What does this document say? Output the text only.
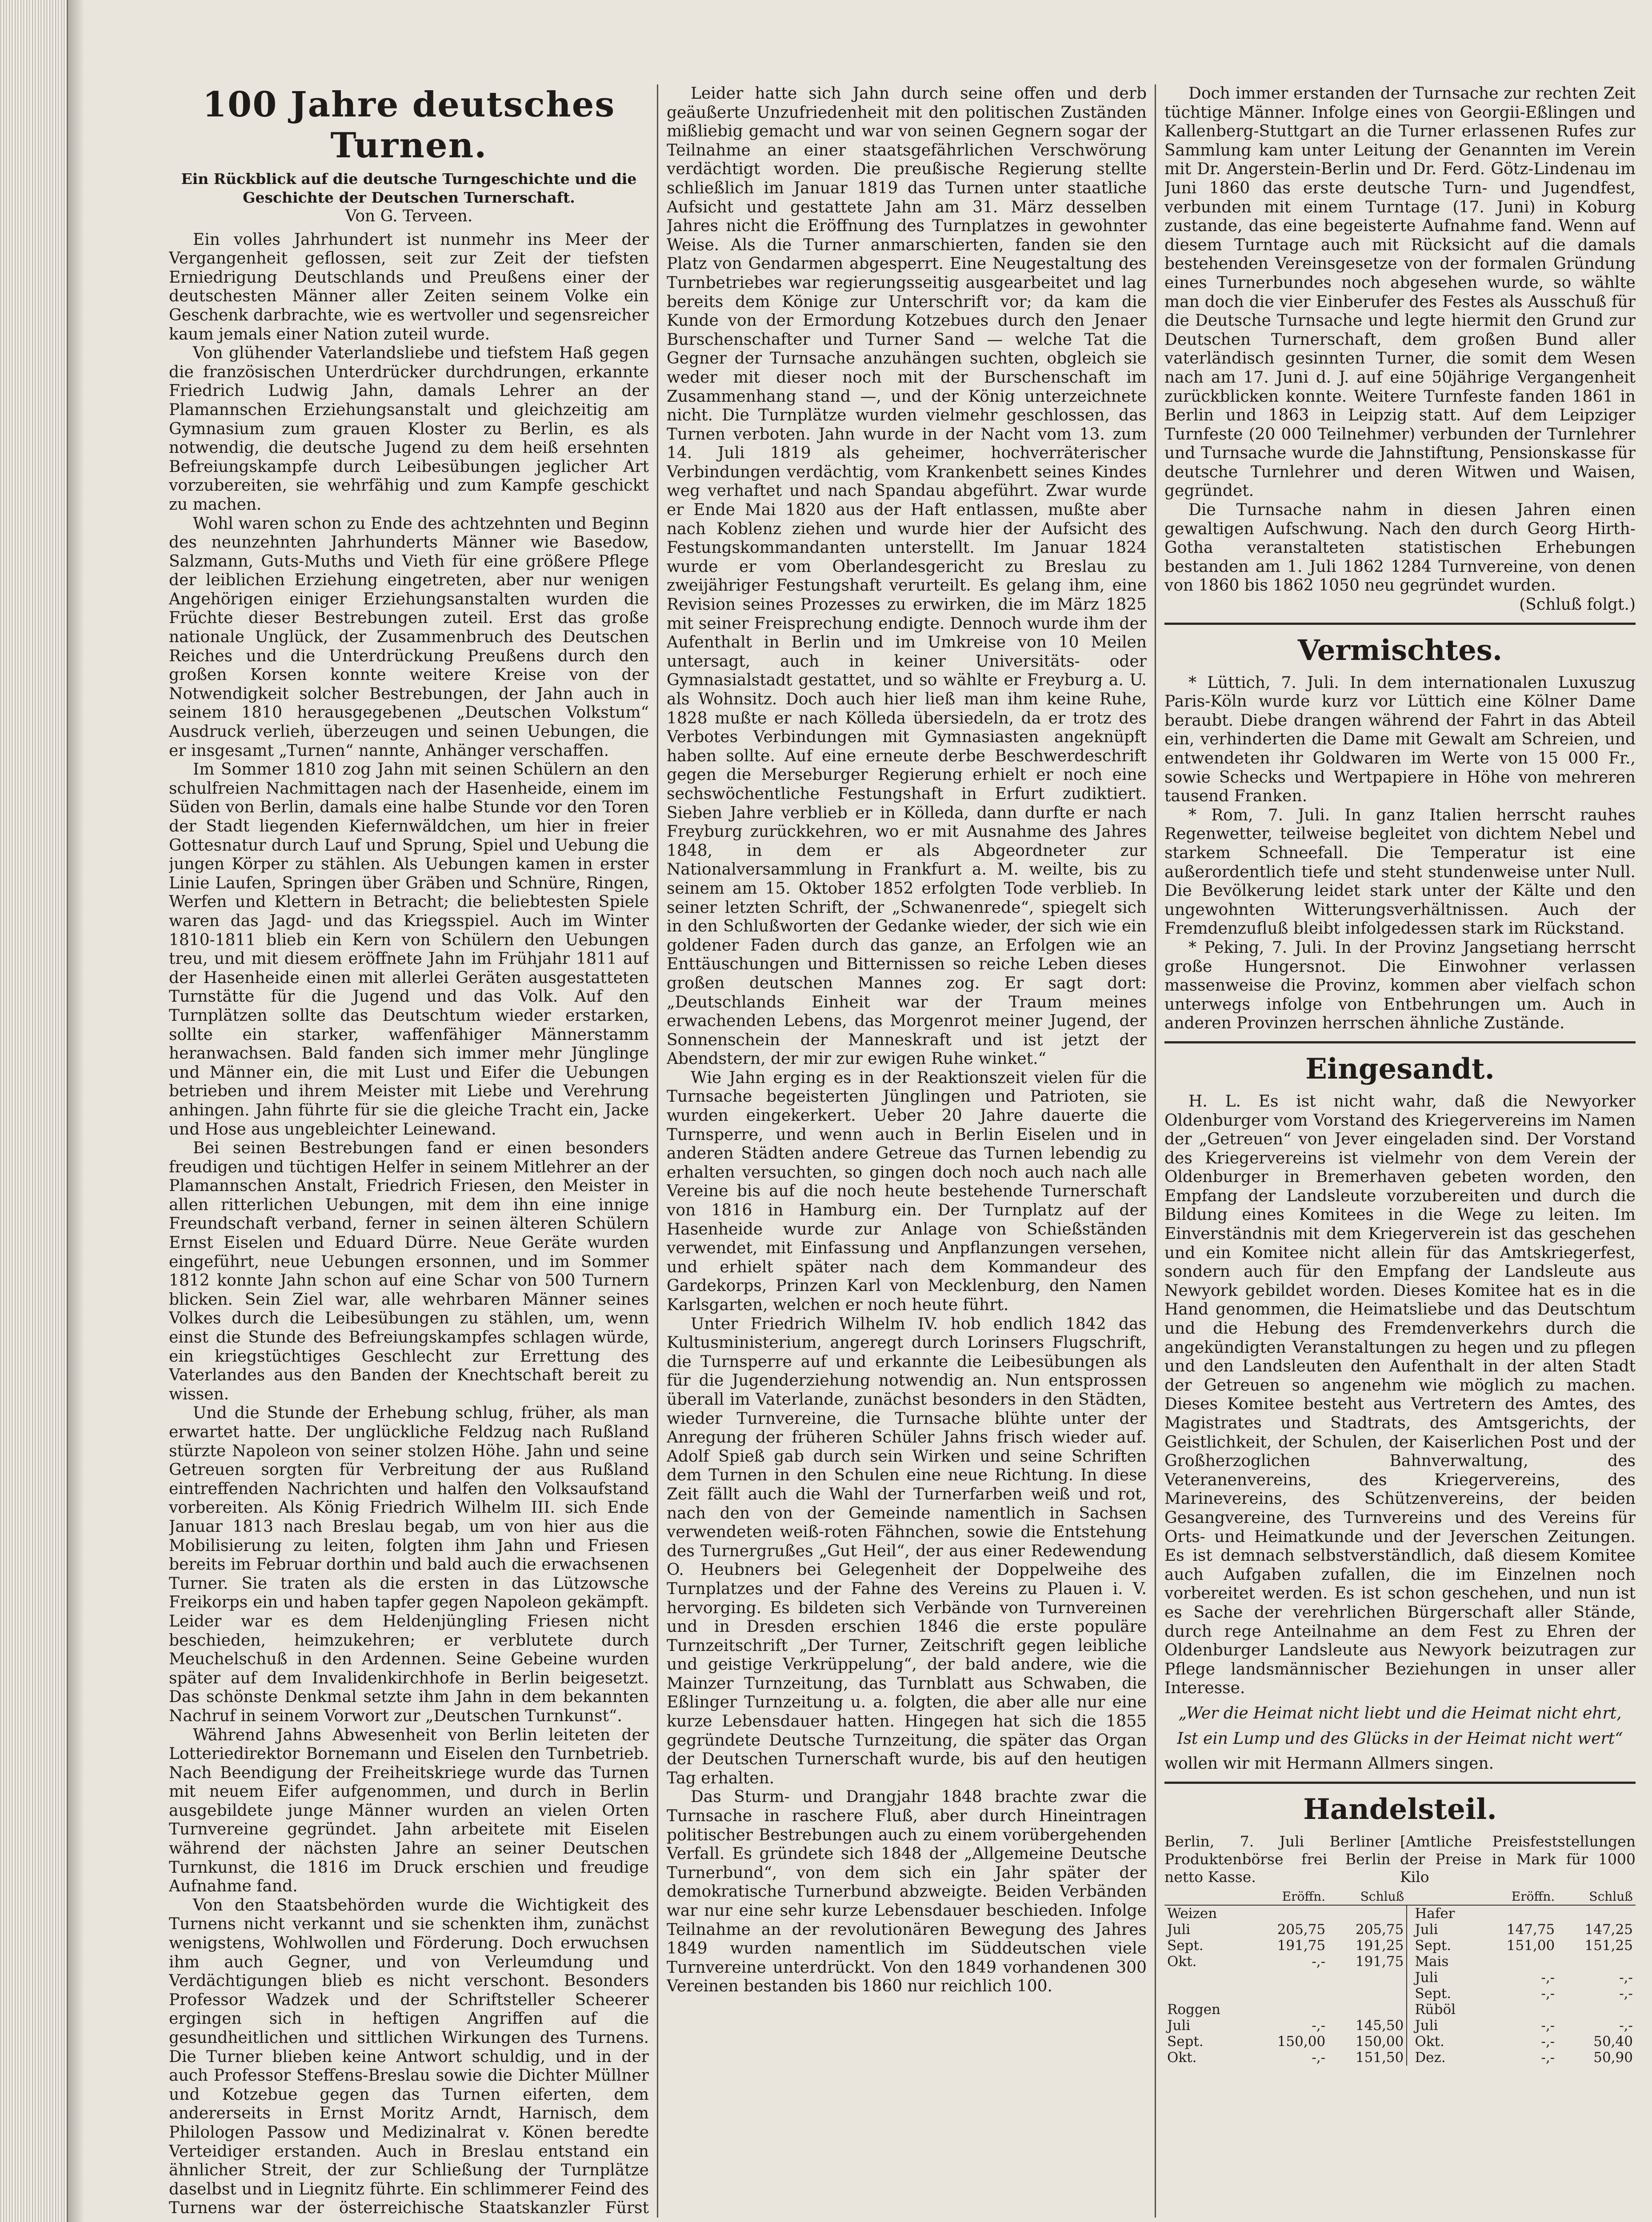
100 Jahre deutsches Turnen.

Ein Rückblick auf die deutsche Turngeschichte und die Geschichte der Deutschen Turnerschaft.

Von G. Terveen.

Ein volles Jahrhundert ist nunmehr ins Meer der Vergangenheit geflossen, seit zur Zeit der tiefsten Erniedrigung Deutschlands und Preußens einer der deutschesten Männer aller Zeiten seinem Volke ein Geschenk darbrachte, wie es wertvoller und segensreicher kaum jemals einer Nation zuteil wurde.

Von glühender Vaterlandsliebe und tiefstem Haß gegen die französischen Unterdrücker durchdrungen, erkannte Friedrich Ludwig Jahn, damals Lehrer an der Plamannschen Erziehungsanstalt und gleichzeitig am Gymnasium zum grauen Kloster zu Berlin, es als notwendig, die deutsche Jugend zu dem heiß ersehnten Befreiungskampfe durch Leibesübungen jeglicher Art vorzubereiten, sie wehrfähig und zum Kampfe geschickt zu machen.

Wohl waren schon zu Ende des achtzehnten und Beginn des neunzehnten Jahrhunderts Männer wie Basedow, Salzmann, Guts-Muths und Vieth für eine größere Pflege der leiblichen Erziehung eingetreten, aber nur wenigen Angehörigen einiger Erziehungsanstalten wurden die Früchte dieser Bestrebungen zuteil. Erst das große nationale Unglück, der Zusammenbruch des Deutschen Reiches und die Unterdrückung Preußens durch den großen Korsen konnte weitere Kreise von der Notwendigkeit solcher Bestrebungen, der Jahn auch in seinem 1810 herausgegebenen „Deutschen Volkstum“ Ausdruck verlieh, überzeugen und seinen Uebungen, die er insgesamt „Turnen“ nannte, Anhänger verschaffen.

Im Sommer 1810 zog Jahn mit seinen Schülern an den schulfreien Nachmittagen nach der Hasenheide, einem im Süden von Berlin, damals eine halbe Stunde vor den Toren der Stadt liegenden Kiefernwäldchen, um hier in freier Gottesnatur durch Lauf und Sprung, Spiel und Uebung die jungen Körper zu stählen. Als Uebungen kamen in erster Linie Laufen, Springen über Gräben und Schnüre, Ringen, Werfen und Klettern in Betracht; die beliebtesten Spiele waren das Jagd- und das Kriegsspiel. Auch im Winter 1810-1811 blieb ein Kern von Schülern den Uebungen treu, und mit diesem eröffnete Jahn im Frühjahr 1811 auf der Hasenheide einen mit allerlei Geräten ausgestatteten Turnstätte für die Jugend und das Volk. Auf den Turnplätzen sollte das Deutschtum wieder erstarken, sollte ein starker, waffenfähiger Männerstamm heranwachsen. Bald fanden sich immer mehr Jünglinge und Männer ein, die mit Lust und Eifer die Uebungen betrieben und ihrem Meister mit Liebe und Verehrung anhingen. Jahn führte für sie die gleiche Tracht ein, Jacke und Hose aus ungebleichter Leinewand.

Bei seinen Bestrebungen fand er einen besonders freudigen und tüchtigen Helfer in seinem Mitlehrer an der Plamannschen Anstalt, Friedrich Friesen, den Meister in allen ritterlichen Uebungen, mit dem ihn eine innige Freundschaft verband, ferner in seinen älteren Schülern Ernst Eiselen und Eduard Dürre. Neue Geräte wurden eingeführt, neue Uebungen ersonnen, und im Sommer 1812 konnte Jahn schon auf eine Schar von 500 Turnern blicken. Sein Ziel war, alle wehrbaren Männer seines Volkes durch die Leibesübungen zu stählen, um, wenn einst die Stunde des Befreiungskampfes schlagen würde, ein kriegstüchtiges Geschlecht zur Errettung des Vaterlandes aus den Banden der Knechtschaft bereit zu wissen.

Und die Stunde der Erhebung schlug, früher, als man erwartet hatte. Der unglückliche Feldzug nach Rußland stürzte Napoleon von seiner stolzen Höhe. Jahn und seine Getreuen sorgten für Verbreitung der aus Rußland eintreffenden Nachrichten und halfen den Volksaufstand vorbereiten. Als König Friedrich Wilhelm III. sich Ende Januar 1813 nach Breslau begab, um von hier aus die Mobilisierung zu leiten, folgten ihm Jahn und Friesen bereits im Februar dorthin und bald auch die erwachsenen Turner. Sie traten als die ersten in das Lützowsche Freikorps ein und haben tapfer gegen Napoleon gekämpft. Leider war es dem Heldenjüngling Friesen nicht beschieden, heimzukehren; er verblutete durch Meuchelschuß in den Ardennen. Seine Gebeine wurden später auf dem Invalidenkirchhofe in Berlin beigesetzt. Das schönste Denkmal setzte ihm Jahn in dem bekannten Nachruf in seinem Vorwort zur „Deutschen Turnkunst“.

Während Jahns Abwesenheit von Berlin leiteten der Lotteriedirektor Bornemann und Eiselen den Turnbetrieb. Nach Beendigung der Freiheitskriege wurde das Turnen mit neuem Eifer aufgenommen, und durch in Berlin ausgebildete junge Männer wurden an vielen Orten Turnvereine gegründet. Jahn arbeitete mit Eiselen während der nächsten Jahre an seiner Deutschen Turnkunst, die 1816 im Druck erschien und freudige Aufnahme fand.

Von den Staatsbehörden wurde die Wichtigkeit des Turnens nicht verkannt und sie schenkten ihm, zunächst wenigstens, Wohlwollen und Förderung. Doch erwuchsen ihm auch Gegner, und von Verleumdung und Verdächtigungen blieb es nicht verschont. Besonders Professor Wadzek und der Schriftsteller Scheerer ergingen sich in heftigen Angriffen auf die gesundheitlichen und sittlichen Wirkungen des Turnens. Die Turner blieben keine Antwort schuldig, und in der auch Professor Steffens-Breslau sowie die Dichter Müllner und Kotzebue gegen das Turnen eiferten, dem andererseits in Ernst Moritz Arndt, Harnisch, dem Philologen Passow und Medizinalrat v. Könen beredte Verteidiger erstanden. Auch in Breslau entstand ein ähnlicher Streit, der zur Schließung der Turnplätze daselbst und in Liegnitz führte. Ein schlimmerer Feind des Turnens war der österreichische Staatskanzler Fürst

Leider hatte sich Jahn durch seine offen und derb geäußerte Unzufriedenheit mit den politischen Zuständen mißliebig gemacht und war von seinen Gegnern sogar der Teilnahme an einer staatsgefährlichen Verschwörung verdächtigt worden. Die preußische Regierung stellte schließlich im Januar 1819 das Turnen unter staatliche Aufsicht und gestattete Jahn am 31. März desselben Jahres nicht die Eröffnung des Turnplatzes in gewohnter Weise. Als die Turner anmarschierten, fanden sie den Platz von Gendarmen abgesperrt. Eine Neugestaltung des Turnbetriebes war regierungsseitig ausgearbeitet und lag bereits dem Könige zur Unterschrift vor; da kam die Kunde von der Ermordung Kotzebues durch den Jenaer Burschenschafter und Turner Sand — welche Tat die Gegner der Turnsache anzuhängen suchten, obgleich sie weder mit dieser noch mit der Burschenschaft im Zusammenhang stand —, und der König unterzeichnete nicht. Die Turnplätze wurden vielmehr geschlossen, das Turnen verboten. Jahn wurde in der Nacht vom 13. zum 14. Juli 1819 als geheimer, hochverräterischer Verbindungen verdächtig, vom Krankenbett seines Kindes weg verhaftet und nach Spandau abgeführt. Zwar wurde er Ende Mai 1820 aus der Haft entlassen, mußte aber nach Koblenz ziehen und wurde hier der Aufsicht des Festungskommandanten unterstellt. Im Januar 1824 wurde er vom Oberlandesgericht zu Breslau zu zweijähriger Festungshaft verurteilt. Es gelang ihm, eine Revision seines Prozesses zu erwirken, die im März 1825 mit seiner Freisprechung endigte. Dennoch wurde ihm der Aufenthalt in Berlin und im Umkreise von 10 Meilen untersagt, auch in keiner Universitäts- oder Gymnasialstadt gestattet, und so wählte er Freyburg a. U. als Wohnsitz. Doch auch hier ließ man ihm keine Ruhe, 1828 mußte er nach Kölleda übersiedeln, da er trotz des Verbotes Verbindungen mit Gymnasiasten angeknüpft haben sollte. Auf eine erneute derbe Beschwerdeschrift gegen die Merseburger Regierung erhielt er noch eine sechswöchentliche Festungshaft in Erfurt zudiktiert. Sieben Jahre verblieb er in Kölleda, dann durfte er nach Freyburg zurückkehren, wo er mit Ausnahme des Jahres 1848, in dem er als Abgeordneter zur Nationalversammlung in Frankfurt a. M. weilte, bis zu seinem am 15. Oktober 1852 erfolgten Tode verblieb. In seiner letzten Schrift, der „Schwanenrede“, spiegelt sich in den Schlußworten der Gedanke wieder, der sich wie ein goldener Faden durch das ganze, an Erfolgen wie an Enttäuschungen und Bitternissen so reiche Leben dieses großen deutschen Mannes zog. Er sagt dort: „Deutschlands Einheit war der Traum meines erwachenden Lebens, das Morgenrot meiner Jugend, der Sonnenschein der Manneskraft und ist jetzt der Abendstern, der mir zur ewigen Ruhe winket.“

Wie Jahn erging es in der Reaktionszeit vielen für die Turnsache begeisterten Jünglingen und Patrioten, sie wurden eingekerkert. Ueber 20 Jahre dauerte die Turnsperre, und wenn auch in Berlin Eiselen und in anderen Städten andere Getreue das Turnen lebendig zu erhalten versuchten, so gingen doch noch auch nach alle Vereine bis auf die noch heute bestehende Turnerschaft von 1816 in Hamburg ein. Der Turnplatz auf der Hasenheide wurde zur Anlage von Schießständen verwendet, mit Einfassung und Anpflanzungen versehen, und erhielt später nach dem Kommandeur des Gardekorps, Prinzen Karl von Mecklenburg, den Namen Karlsgarten, welchen er noch heute führt.

Unter Friedrich Wilhelm IV. hob endlich 1842 das Kultusministerium, angeregt durch Lorinsers Flugschrift, die Turnsperre auf und erkannte die Leibesübungen als für die Jugenderziehung notwendig an. Nun entsprossen überall im Vaterlande, zunächst besonders in den Städten, wieder Turnvereine, die Turnsache blühte unter der Anregung der früheren Schüler Jahns frisch wieder auf. Adolf Spieß gab durch sein Wirken und seine Schriften dem Turnen in den Schulen eine neue Richtung. In diese Zeit fällt auch die Wahl der Turnerfarben weiß und rot, nach den von der Gemeinde namentlich in Sachsen verwendeten weiß-roten Fähnchen, sowie die Entstehung des Turnergrußes „Gut Heil“, der aus einer Redewendung O. Heubners bei Gelegenheit der Doppelweihe des Turnplatzes und der Fahne des Vereins zu Plauen i. V. hervorging. Es bildeten sich Verbände von Turnvereinen und in Dresden erschien 1846 die erste populäre Turnzeitschrift „Der Turner, Zeitschrift gegen leibliche und geistige Verkrüppelung“, der bald andere, wie die Mainzer Turnzeitung, das Turnblatt aus Schwaben, die Eßlinger Turnzeitung u. a. folgten, die aber alle nur eine kurze Lebensdauer hatten. Hingegen hat sich die 1855 gegründete Deutsche Turnzeitung, die später das Organ der Deutschen Turnerschaft wurde, bis auf den heutigen Tag erhalten.

Das Sturm- und Drangjahr 1848 brachte zwar die Turnsache in raschere Fluß, aber durch Hineintragen politischer Bestrebungen auch zu einem vorübergehenden Verfall. Es gründete sich 1848 der „Allgemeine Deutsche Turnerbund“, von dem sich ein Jahr später der demokratische Turnerbund abzweigte. Beiden Verbänden war nur eine sehr kurze Lebensdauer beschieden. Infolge Teilnahme an der revolutionären Bewegung des Jahres 1849 wurden namentlich im Süddeutschen viele Turnvereine unterdrückt. Von den 1849 vorhandenen 300 Vereinen bestanden bis 1860 nur reichlich 100.

Doch immer erstanden der Turnsache zur rechten Zeit tüchtige Männer. Infolge eines von Georgii-Eßlingen und Kallenberg-Stuttgart an die Turner erlassenen Rufes zur Sammlung kam unter Leitung der Genannten im Verein mit Dr. Angerstein-Berlin und Dr. Ferd. Götz-Lindenau im Juni 1860 das erste deutsche Turn- und Jugendfest, verbunden mit einem Turntage (17. Juni) in Koburg zustande, das eine begeisterte Aufnahme fand. Wenn auf diesem Turntage auch mit Rücksicht auf die damals bestehenden Vereinsgesetze von der formalen Gründung eines Turnerbundes noch abgesehen wurde, so wählte man doch die vier Einberufer des Festes als Ausschuß für die Deutsche Turnsache und legte hiermit den Grund zur Deutschen Turnerschaft, dem großen Bund aller vaterländisch gesinnten Turner, die somit dem Wesen nach am 17. Juni d. J. auf eine 50jährige Vergangenheit zurückblicken konnte. Weitere Turnfeste fanden 1861 in Berlin und 1863 in Leipzig statt. Auf dem Leipziger Turnfeste (20 000 Teilnehmer) verbunden der Turnlehrer und Turnsache wurde die Jahnstiftung, Pensionskasse für deutsche Turnlehrer und deren Witwen und Waisen, gegründet.

Die Turnsache nahm in diesen Jahren einen gewaltigen Aufschwung. Nach den durch Georg Hirth-Gotha veranstalteten statistischen Erhebungen bestanden am 1. Juli 1862 1284 Turnvereine, von denen von 1860 bis 1862 1050 neu gegründet wurden.

(Schluß folgt.)

Vermischtes.

* Lüttich, 7. Juli. In dem internationalen Luxuszug Paris-Köln wurde kurz vor Lüttich eine Kölner Dame beraubt. Diebe drangen während der Fahrt in das Abteil ein, verhinderten die Dame mit Gewalt am Schreien, und entwendeten ihr Goldwaren im Werte von 15 000 Fr., sowie Schecks und Wertpapiere in Höhe von mehreren tausend Franken.

* Rom, 7. Juli. In ganz Italien herrscht rauhes Regenwetter, teilweise begleitet von dichtem Nebel und starkem Schneefall. Die Temperatur ist eine außerordentlich tiefe und steht stundenweise unter Null. Die Bevölkerung leidet stark unter der Kälte und den ungewohnten Witterungsverhältnissen. Auch der Fremdenzufluß bleibt infolgedessen stark im Rückstand.

* Peking, 7. Juli. In der Provinz Jangsetiang herrscht große Hungersnot. Die Einwohner verlassen massenweise die Provinz, kommen aber vielfach schon unterwegs infolge von Entbehrungen um. Auch in anderen Provinzen herrschen ähnliche Zustände.

Eingesandt.

H. L. Es ist nicht wahr, daß die Newyorker Oldenburger vom Vorstand des Kriegervereins im Namen der „Getreuen“ von Jever eingeladen sind. Der Vorstand des Kriegervereins ist vielmehr von dem Verein der Oldenburger in Bremerhaven gebeten worden, den Empfang der Landsleute vorzubereiten und durch die Bildung eines Komitees in die Wege zu leiten. Im Einverständnis mit dem Kriegerverein ist das geschehen und ein Komitee nicht allein für das Amtskriegerfest, sondern auch für den Empfang der Landsleute aus Newyork gebildet worden. Dieses Komitee hat es in die Hand genommen, die Heimatsliebe und das Deutschtum und die Hebung des Fremdenverkehrs durch die angekündigten Veranstaltungen zu hegen und zu pflegen und den Landsleuten den Aufenthalt in der alten Stadt der Getreuen so angenehm wie möglich zu machen. Dieses Komitee besteht aus Vertretern des Amtes, des Magistrates und Stadtrats, des Amtsgerichts, der Geistlichkeit, der Schulen, der Kaiserlichen Post und der Großherzoglichen Bahnverwaltung, des Veteranenvereins, des Kriegervereins, des Marinevereins, des Schützenvereins, der beiden Gesangvereine, des Turnvereins und des Vereins für Orts- und Heimatkunde und der Jeverschen Zeitungen. Es ist demnach selbstverständlich, daß diesem Komitee auch Aufgaben zufallen, die im Einzelnen noch vorbereitet werden. Es ist schon geschehen, und nun ist es Sache der verehrlichen Bürgerschaft aller Stände, durch rege Anteilnahme an dem Fest zu Ehren der Oldenburger Landsleute aus Newyork beizutragen zur Pflege landsmännischer Beziehungen in unser aller Interesse.

„Wer die Heimat nicht liebt und die Heimat nicht ehrt,

Ist ein Lump und des Glücks in der Heimat nicht wert“

wollen wir mit Hermann Allmers singen.

Handelsteil.
Berlin, 7. Juli Berliner Produktenbörse frei Berlin netto Kasse.
[Amtliche Preisfeststellungen der Preise in Mark für 1000 Kilo
	Eröffn.	Schluß			Eröffn.	Schluß
Weizen				Hafer		
Juli	205,75	205,75		Juli	147,75	147,25
Sept.	191,75	191,25		Sept.	151,00	151,25
Okt.	-,-	191,75		Mais		
				Juli	-,-	-,-
				Sept.	-,-	-,-
Roggen				Rüböl		
Juli	-,-	145,50		Juli	-,-	-,-
Sept.	150,00	150,00		Okt.	-,-	50,40
Okt.	-,-	151,50		Dez.	-,-	50,90
